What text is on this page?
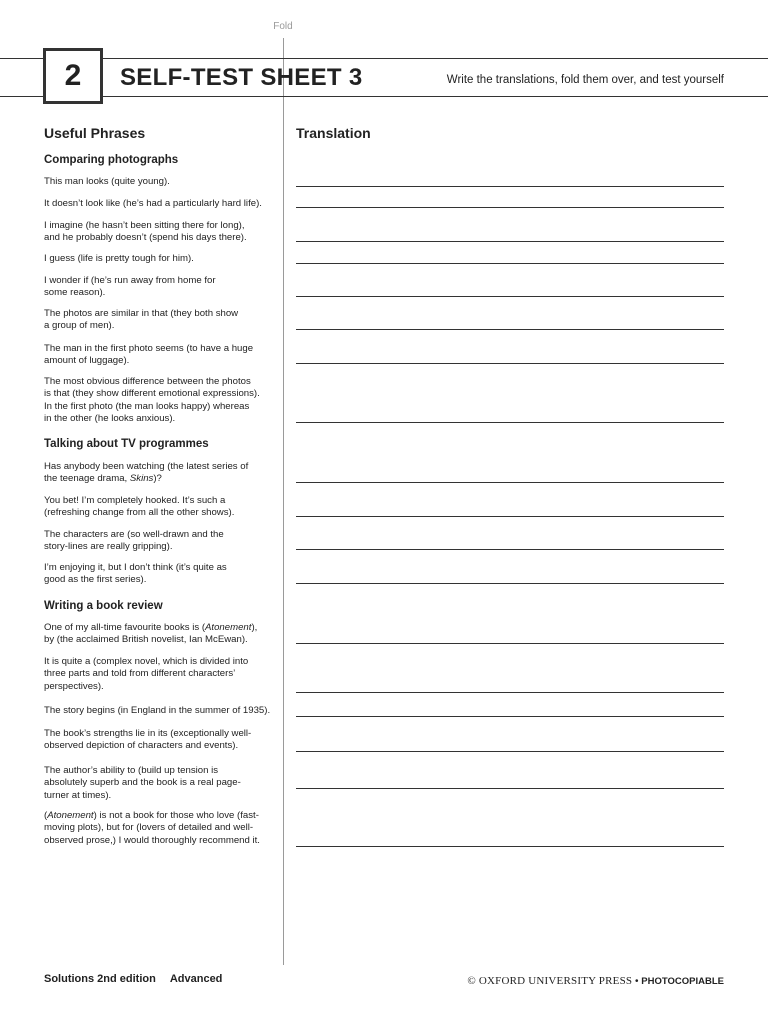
Fold
2 SELF-TEST SHEET 3	Write the translations, fold them over, and test yourself
Useful Phrases	Translation
Comparing photographs

This man looks (quite young).

It doesn’t look like (he’s had a particularly hard life).

I imagine (he hasn’t been sitting there for long),

and he probably doesn’t (spend his days there).

I guess (life is pretty tough for him).

I wonder if (he’s run away from home for

some reason).

The photos are similar in that (they both show

a group of men).

The man in the first photo seems (to have a huge

amount of luggage).

The most obvious difference between the photos

is that (they show different emotional expressions).

In the first photo (the man looks happy) whereas

in the other (he looks anxious).

Talking about TV programmes

Has anybody been watching (the latest series of

the teenage drama, Skins)?

You bet! I’m completely hooked. It’s such a

(refreshing change from all the other shows).

The characters are (so well-drawn and the

story-lines are really gripping).

I’m enjoying it, but I don’t think (it’s quite as

good as the first series).

Writing a book review

One of my all-time favourite books is (Atonement),

by (the acclaimed British novelist, Ian McEwan).

It is quite a (complex novel, which is divided into

three parts and told from different characters’

perspectives).

The story begins (in England in the summer of 1935).

The book’s strengths lie in its (exceptionally well-

observed depiction of characters and events).

The author’s ability to (build up tension is

absolutely superb and the book is a real page-

turner at times).

(Atonement) is not a book for those who love (fast-

moving plots), but for (lovers of detailed and well-

observed prose,) I would thoroughly recommend it.

Solutions 2nd edition Advanced	© OXFORD UNIVERSITY PRESS • PHOTOCOPIABLE
